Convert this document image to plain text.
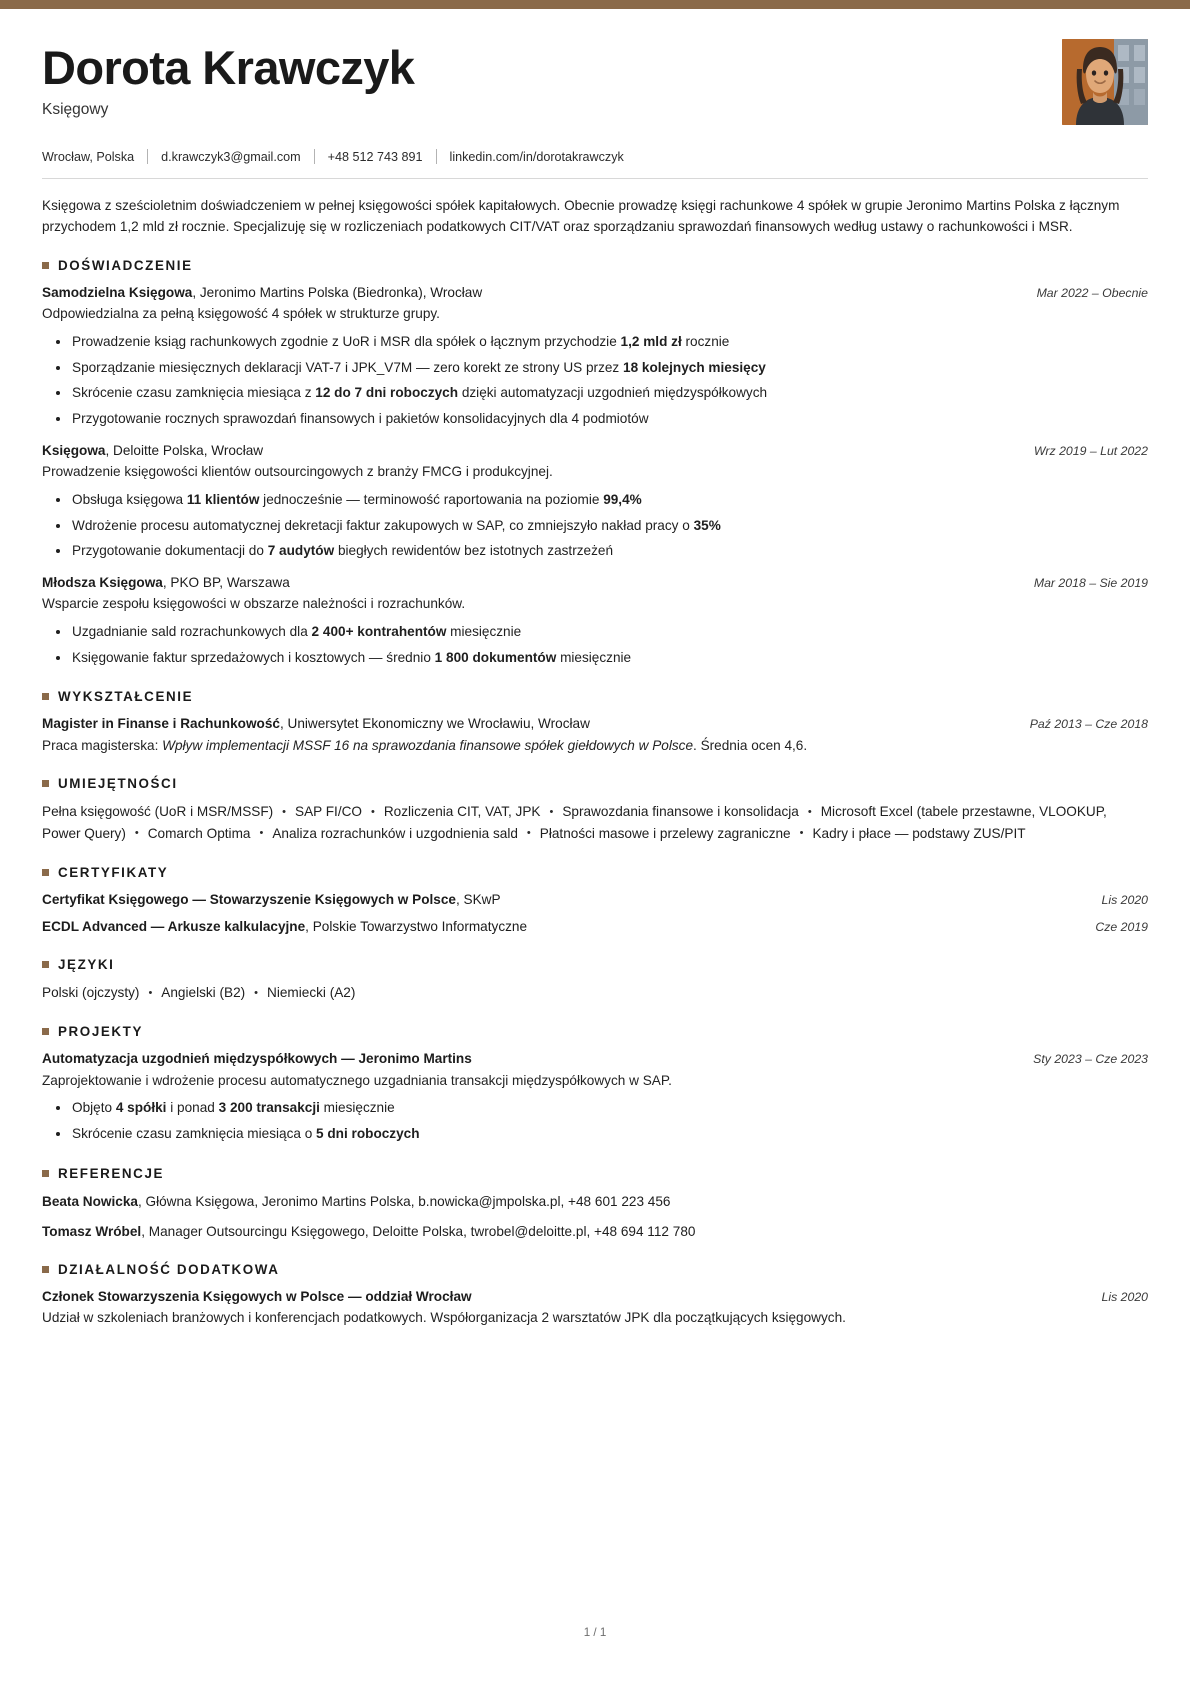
Dorota Krawczyk
Księgowy
Wrocław, Polska d.krawczyk3@gmail.com +48 512 743 891 linkedin.com/in/dorotakrawczyk
Księgowa z sześcioletnim doświadczeniem w pełnej księgowości spółek kapitałowych. Obecnie prowadzę księgi rachunkowe 4 spółek w grupie Jeronimo Martins Polska z łącznym przychodem 1,2 mld zł rocznie. Specjalizuję się w rozliczeniach podatkowych CIT/VAT oraz sporządzaniu sprawozdań finansowych według ustawy o rachunkowości i MSR.
DOŚWIADCZENIE
Samodzielna Księgowa, Jeronimo Martins Polska (Biedronka), Wrocław	Mar 2022 – Obecnie
Odpowiedzialna za pełną księgowość 4 spółek w strukturze grupy.
Prowadzenie ksiąg rachunkowych zgodnie z UoR i MSR dla spółek o łącznym przychodzie 1,2 mld zł rocznie
Sporządzanie miesięcznych deklaracji VAT-7 i JPK_V7M — zero korekt ze strony US przez 18 kolejnych miesięcy
Skrócenie czasu zamknięcia miesiąca z 12 do 7 dni roboczych dzięki automatyzacji uzgodnień międzyspółkowych
Przygotowanie rocznych sprawozdań finansowych i pakietów konsolidacyjnych dla 4 podmiotów
Księgowa, Deloitte Polska, Wrocław	Wrz 2019 – Lut 2022
Prowadzenie księgowości klientów outsourcingowych z branży FMCG i produkcyjnej.
Obsługa księgowa 11 klientów jednocześnie — terminowość raportowania na poziomie 99,4%
Wdrożenie procesu automatycznej dekretacji faktur zakupowych w SAP, co zmniejszyło nakład pracy o 35%
Przygotowanie dokumentacji do 7 audytów biegłych rewidentów bez istotnych zastrzeżeń
Młodsza Księgowa, PKO BP, Warszawa	Mar 2018 – Sie 2019
Wsparcie zespołu księgowości w obszarze należności i rozrachunków.
Uzgadnianie sald rozrachunkowych dla 2 400+ kontrahentów miesięcznie
Księgowanie faktur sprzedażowych i kosztowych — średnio 1 800 dokumentów miesięcznie
WYKSZTAŁCENIE
Magister in Finanse i Rachunkowość, Uniwersytet Ekonomiczny we Wrocławiu, Wrocław	Paź 2013 – Cze 2018
Praca magisterska: Wpływ implementacji MSSF 16 na sprawozdania finansowe spółek giełdowych w Polsce. Średnia ocen 4,6.
UMIEJĘTNOŚCI
Pełna księgowość (UoR i MSR/MSSF) • SAP FI/CO • Rozliczenia CIT, VAT, JPK • Sprawozdania finansowe i konsolidacja • Microsoft Excel (tabele przestawne, VLOOKUP, Power Query) • Comarch Optima • Analiza rozrachunków i uzgodnienia sald • Płatności masowe i przelewy zagraniczne • Kadry i płace — podstawy ZUS/PIT
CERTYFIKATY
Certyfikat Księgowego — Stowarzyszenie Księgowych w Polsce, SKwP	Lis 2020
ECDL Advanced — Arkusze kalkulacyjne, Polskie Towarzystwo Informatyczne	Cze 2019
JĘZYKI
Polski (ojczysty) • Angielski (B2) • Niemiecki (A2)
PROJEKTY
Automatyzacja uzgodnień międzyspółkowych — Jeronimo Martins	Sty 2023 – Cze 2023
Zaprojektowanie i wdrożenie procesu automatycznego uzgadniania transakcji międzyspółkowych w SAP.
Objęto 4 spółki i ponad 3 200 transakcji miesięcznie
Skrócenie czasu zamknięcia miesiąca o 5 dni roboczych
REFERENCJE
Beata Nowicka, Główna Księgowa, Jeronimo Martins Polska, b.nowicka@jmpolska.pl, +48 601 223 456
Tomasz Wróbel, Manager Outsourcingu Księgowego, Deloitte Polska, twrobel@deloitte.pl, +48 694 112 780
DZIAŁALNOŚĆ DODATKOWA
Członek Stowarzyszenia Księgowych w Polsce — oddział Wrocław	Lis 2020
Udział w szkoleniach branżowych i konferencjach podatkowych. Współorganizacja 2 warsztatów JPK dla początkujących księgowych.
1 / 1
